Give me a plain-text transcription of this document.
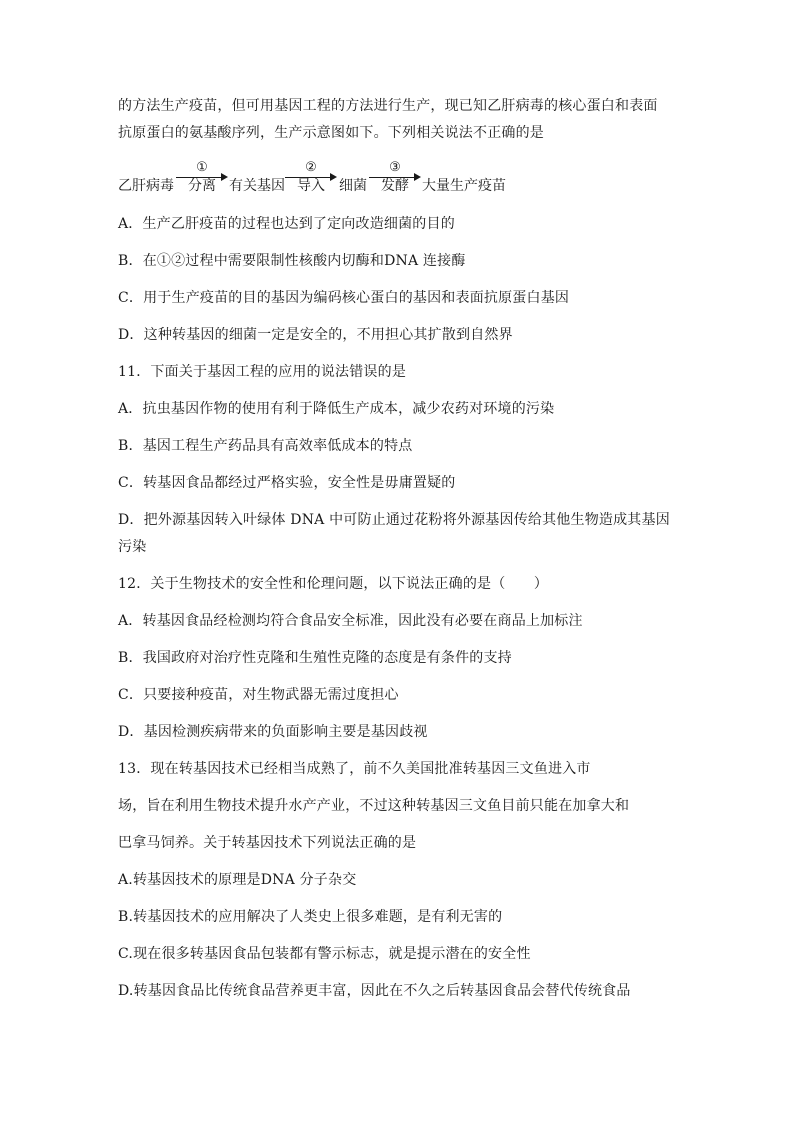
的方法生产疫苗，但可用基因工程的方法进行生产，现已知乙肝病毒的核心蛋白和表面
抗原蛋白的氨基酸序列，生产示意图如下。下列相关说法不正确的是
乙肝病毒
①
分离 有关基因
②
导入	细菌
③
发酵 大量生产疫苗
A．生产乙肝疫苗的过程也达到了定向改造细菌的目的
B．在①②过程中需要限制性核酸内切酶和DNA 连接酶
C．用于生产疫苗的目的基因为编码核心蛋白的基因和表面抗原蛋白基因
D．这种转基因的细菌一定是安全的，不用担心其扩散到自然界
11．下面关于基因工程的应用的说法错误的是
A．抗虫基因作物的使用有利于降低生产成本，减少农药对环境的污染
B．基因工程生产药品具有高效率低成本的特点
C．转基因食品都经过严格实验，安全性是毋庸置疑的
D．把外源基因转入叶绿体 DNA 中可防止通过花粉将外源基因传给其他生物造成其基因
污染
12．关于生物技术的安全性和伦理问题，以下说法正确的是（　　）
A．转基因食品经检测均符合食品安全标准，因此没有必要在商品上加标注
B．我国政府对治疗性克隆和生殖性克隆的态度是有条件的支持
C．只要接种疫苗，对生物武器无需过度担心
D．基因检测疾病带来的负面影响主要是基因歧视
13．现在转基因技术已经相当成熟了，前不久美国批准转基因三文鱼进入市
场，旨在利用生物技术提升水产产业，不过这种转基因三文鱼目前只能在加拿大和
巴拿马饲养。关于转基因技术下列说法正确的是
A.转基因技术的原理是DNA 分子杂交
B.转基因技术的应用解决了人类史上很多难题，是有利无害的
C.现在很多转基因食品包装都有警示标志，就是提示潜在的安全性
D.转基因食品比传统食品营养更丰富，因此在不久之后转基因食品会替代传统食品
